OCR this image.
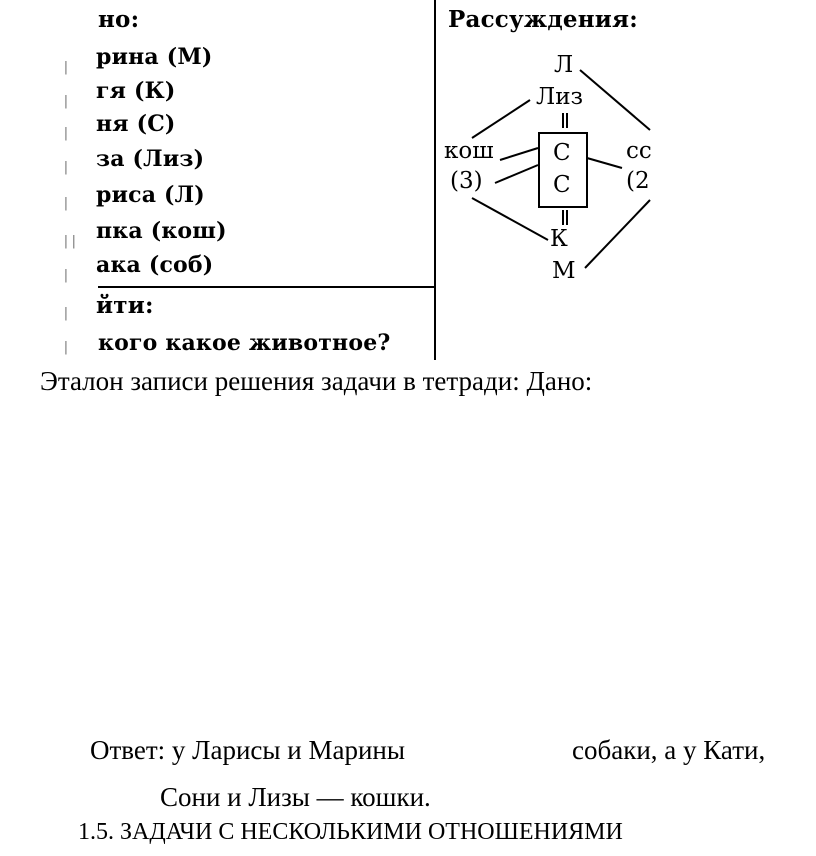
но:
| рина (М)
| гя (К)
| ня (С)
| за (Лиз)
| риса (Л)
|| пка (кош)
| ака (соб)
| йти:
| кого какое животное?
Рассуждения:
Л
Лиз
кош
(3)
С
С
сс
(2
К
М
Эталон записи решения задачи в тетради: Дано:
Ответ: у Ларисы и Марины	собаки, а у Кати,
Сони и Лизы — кошки.
1.5. ЗАДАЧИ С НЕСКОЛЬКИМИ ОТНОШЕНИЯМИ
